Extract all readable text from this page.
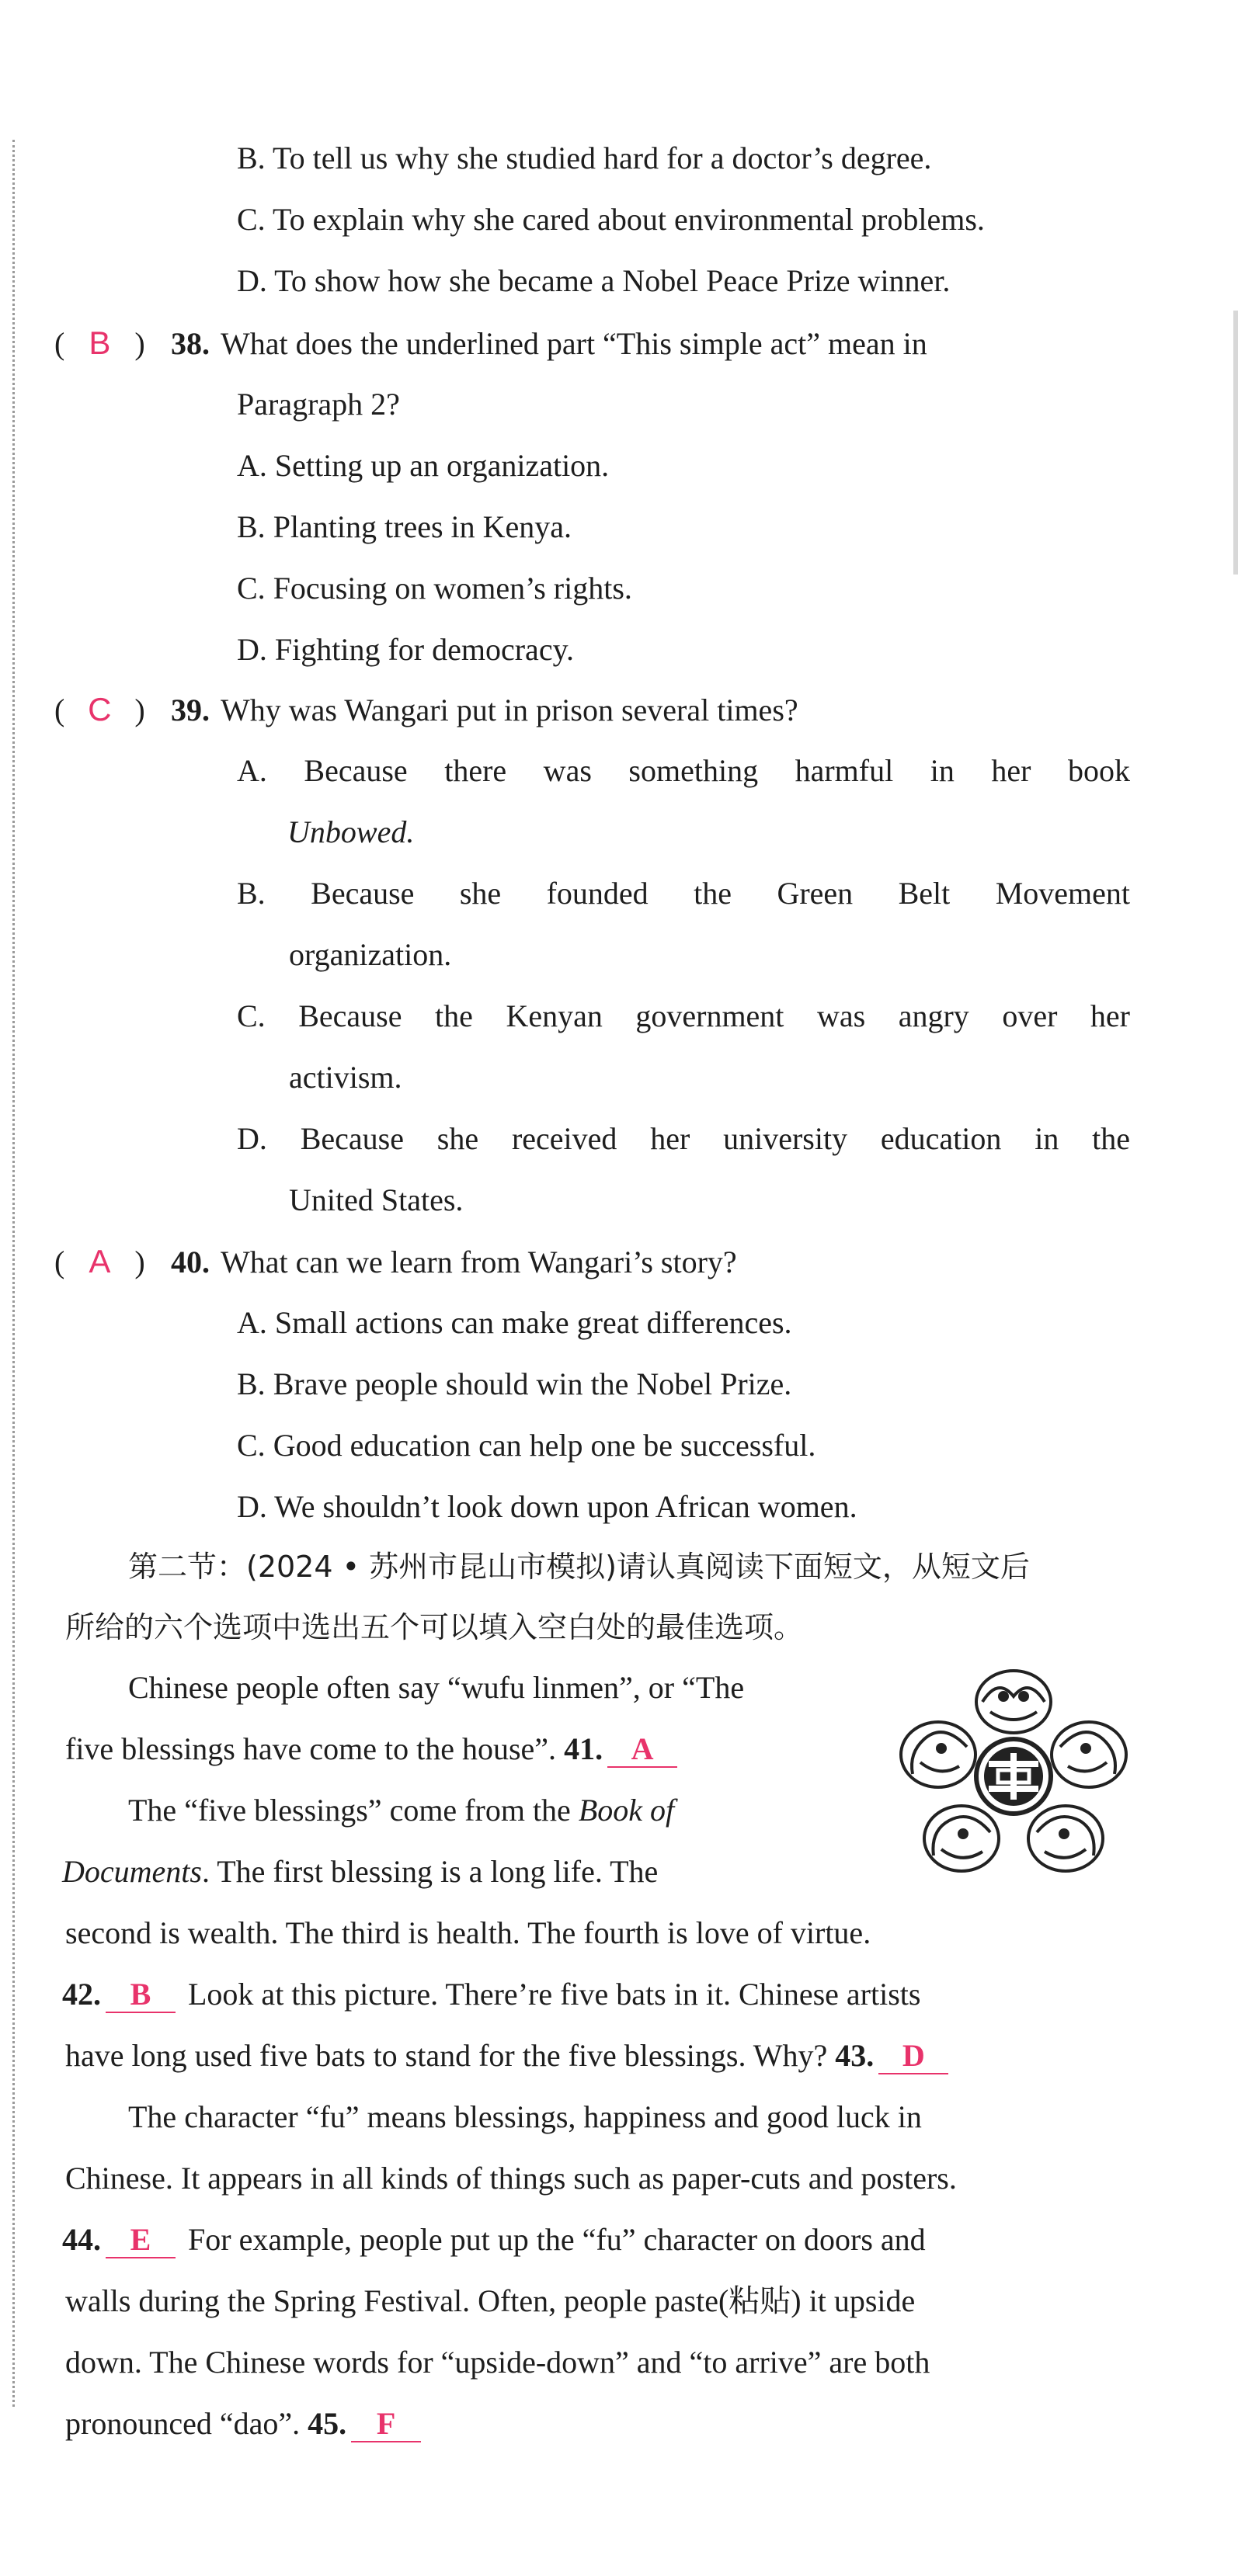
B. To tell us why she studied hard for a doctor’s degree.
C. To explain why she cared about environmental problems.
D. To show how she became a Nobel Peace Prize winner.
( B ) 38. What does the underlined part “This simple act” mean in
Paragraph 2?
A. Setting up an organization.
B. Planting trees in Kenya.
C. Focusing on women’s rights.
D. Fighting for democracy.
( C ) 39. Why was Wangari put in prison several times?
A. Because there was something harmful in her book
Unbowed.
B. Because she founded the Green Belt Movement
organization.
C. Because the Kenyan government was angry over her
activism.
D. Because she received her university education in the
United States.
( A ) 40. What can we learn from Wangari’s story?
A. Small actions can make great differences.
B. Brave people should win the Nobel Prize.
C. Good education can help one be successful.
D. We shouldn’t look down upon African women.
第二节：(2024 • 苏州市昆山市模拟)请认真阅读下面短文，从短文后
所给的六个选项中选出五个可以填入空白处的最佳选项。
Chinese people often say “wufu linmen”, or “The
five blessings have come to the house”. 41. A
The “five blessings” come from the Book of
Documents. The first blessing is a long life. The
second is wealth. The third is health. The fourth is love of virtue.
42. B Look at this picture. There’re five bats in it. Chinese artists
have long used five bats to stand for the five blessings. Why? 43. D
The character “fu” means blessings, happiness and good luck in
Chinese. It appears in all kinds of things such as paper-cuts and posters.
44. E For example, people put up the “fu” character on doors and
walls during the Spring Festival. Often, people paste(粘贴) it upside
down. The Chinese words for “upside-down” and “to arrive” are both
pronounced “dao”. 45. F
